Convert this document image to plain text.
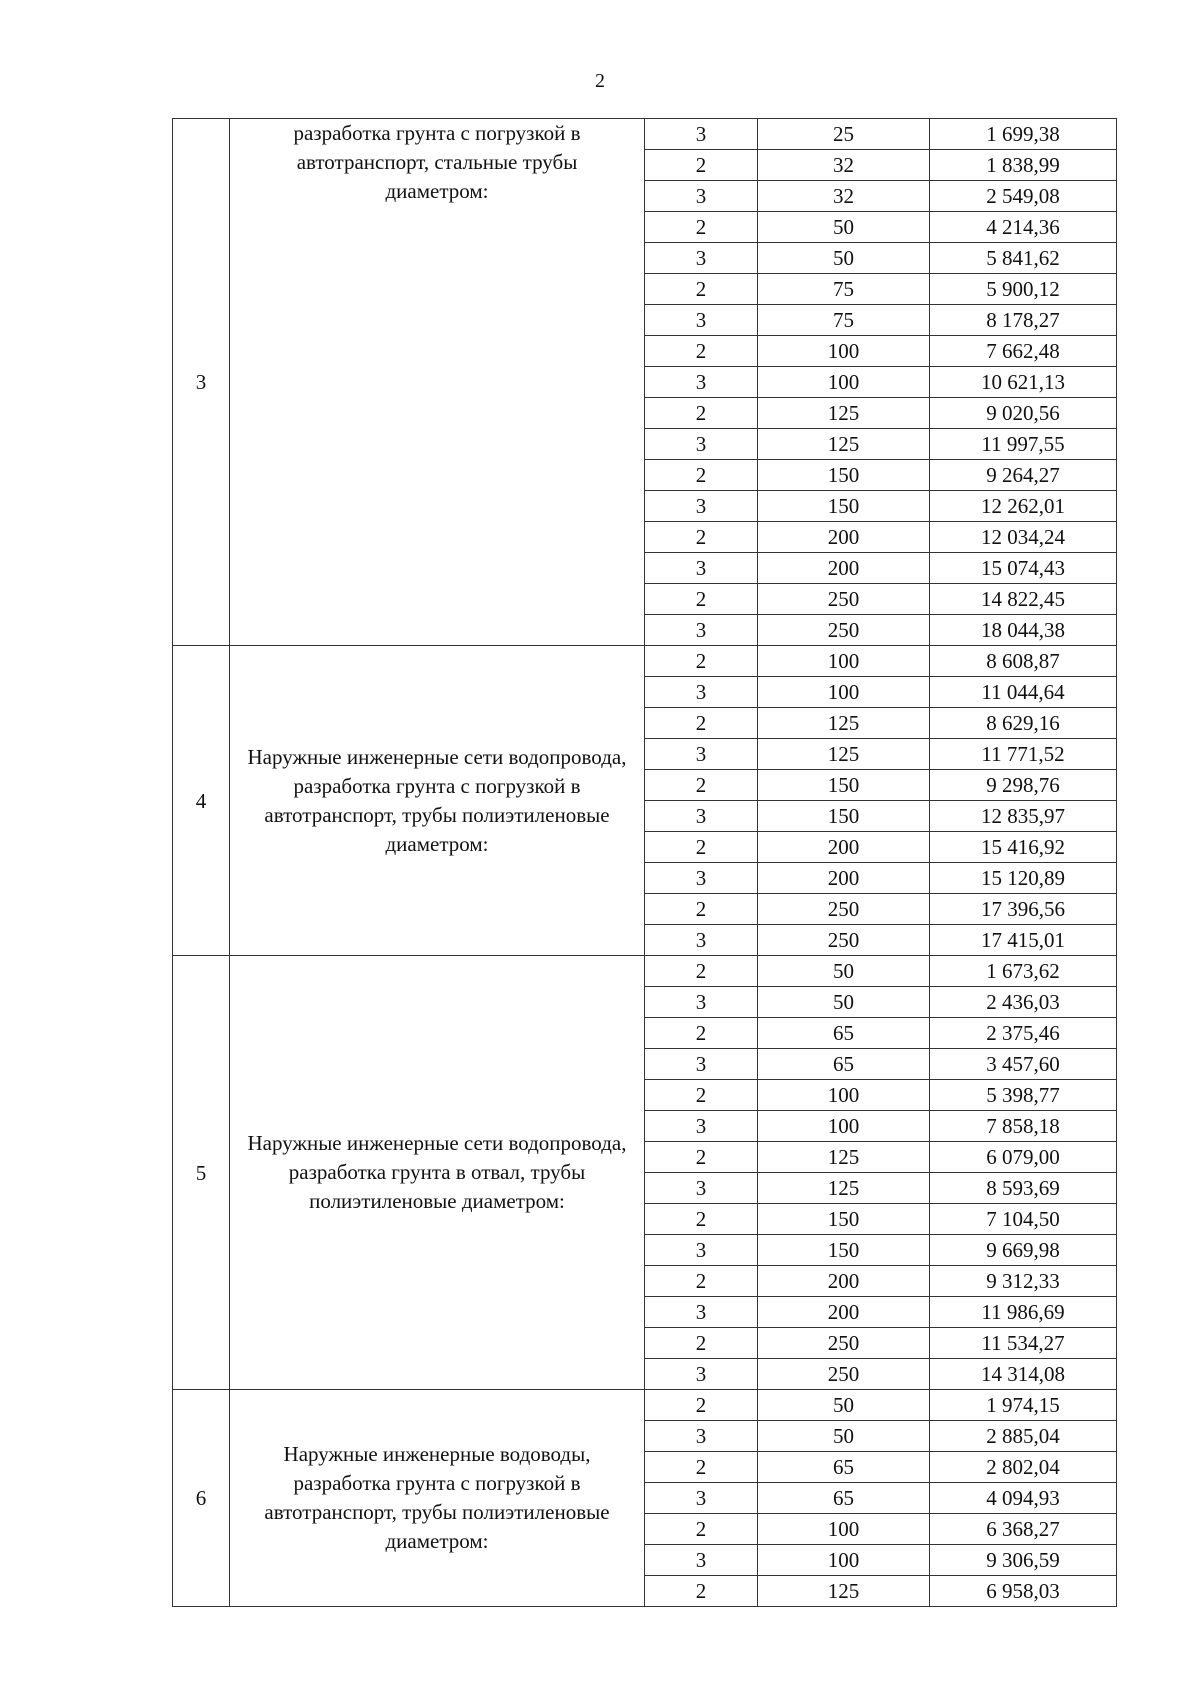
2
3	разработка грунта с погрузкой в автотранспорт, стальные трубы диаметром:	3	25	1 699,38
		2	32	1 838,99
		3	32	2 549,08
		2	50	4 214,36
		3	50	5 841,62
		2	75	5 900,12
		3	75	8 178,27
		2	100	7 662,48
		3	100	10 621,13
		2	125	9 020,56
		3	125	11 997,55
		2	150	9 264,27
		3	150	12 262,01
		2	200	12 034,24
		3	200	15 074,43
		2	250	14 822,45
		3	250	18 044,38
4	Наружные инженерные сети водопровода, разработка грунта с погрузкой в автотранспорт, трубы полиэтиленовые диаметром:	2	100	8 608,87
		3	100	11 044,64
		2	125	8 629,16
		3	125	11 771,52
		2	150	9 298,76
		3	150	12 835,97
		2	200	15 416,92
		3	200	15 120,89
		2	250	17 396,56
		3	250	17 415,01
5	Наружные инженерные сети водопровода, разработка грунта в отвал, трубы полиэтиленовые диаметром:	2	50	1 673,62
		3	50	2 436,03
		2	65	2 375,46
		3	65	3 457,60
		2	100	5 398,77
		3	100	7 858,18
		2	125	6 079,00
		3	125	8 593,69
		2	150	7 104,50
		3	150	9 669,98
		2	200	9 312,33
		3	200	11 986,69
		2	250	11 534,27
		3	250	14 314,08
6	Наружные инженерные водоводы, разработка грунта с погрузкой в автотранспорт, трубы полиэтиленовые диаметром:	2	50	1 974,15
		3	50	2 885,04
		2	65	2 802,04
		3	65	4 094,93
		2	100	6 368,27
		3	100	9 306,59
		2	125	6 958,03
